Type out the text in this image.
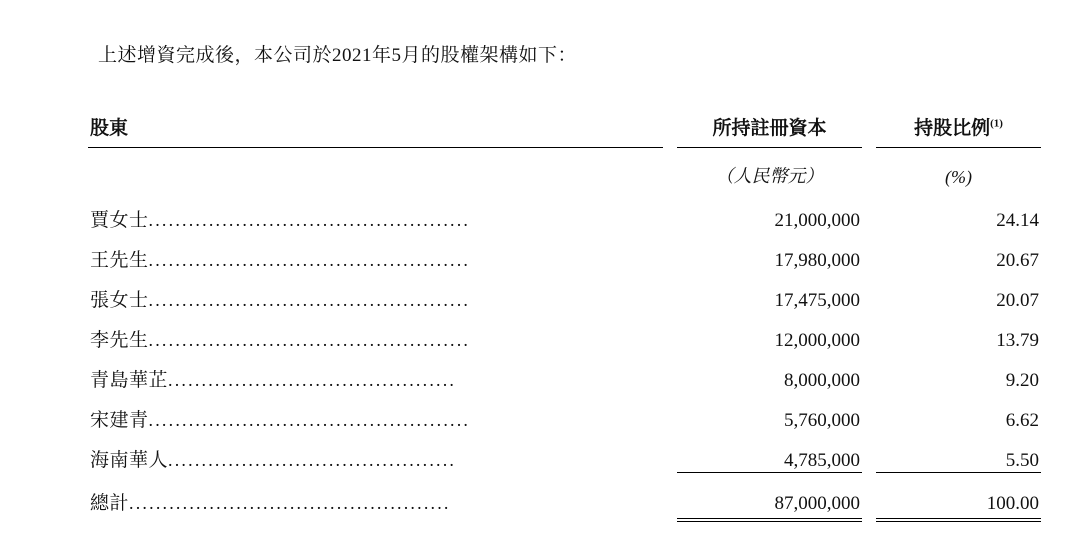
上述增資完成後，本公司於2021年5月的股權架構如下：

股東		所持註冊資本		持股比例$^{(1)}$
		（人民幣元）		(%)
賈女士................................................		21,000,000		24.14
王先生................................................		17,980,000		20.67
張女士................................................		17,475,000		20.07
李先生................................................		12,000,000		13.79
青島華芷...........................................		8,000,000		9.20
宋建青................................................		5,760,000		6.62
海南華人...........................................		4,785,000		5.50

總計................................................		87,000,000		100.00
